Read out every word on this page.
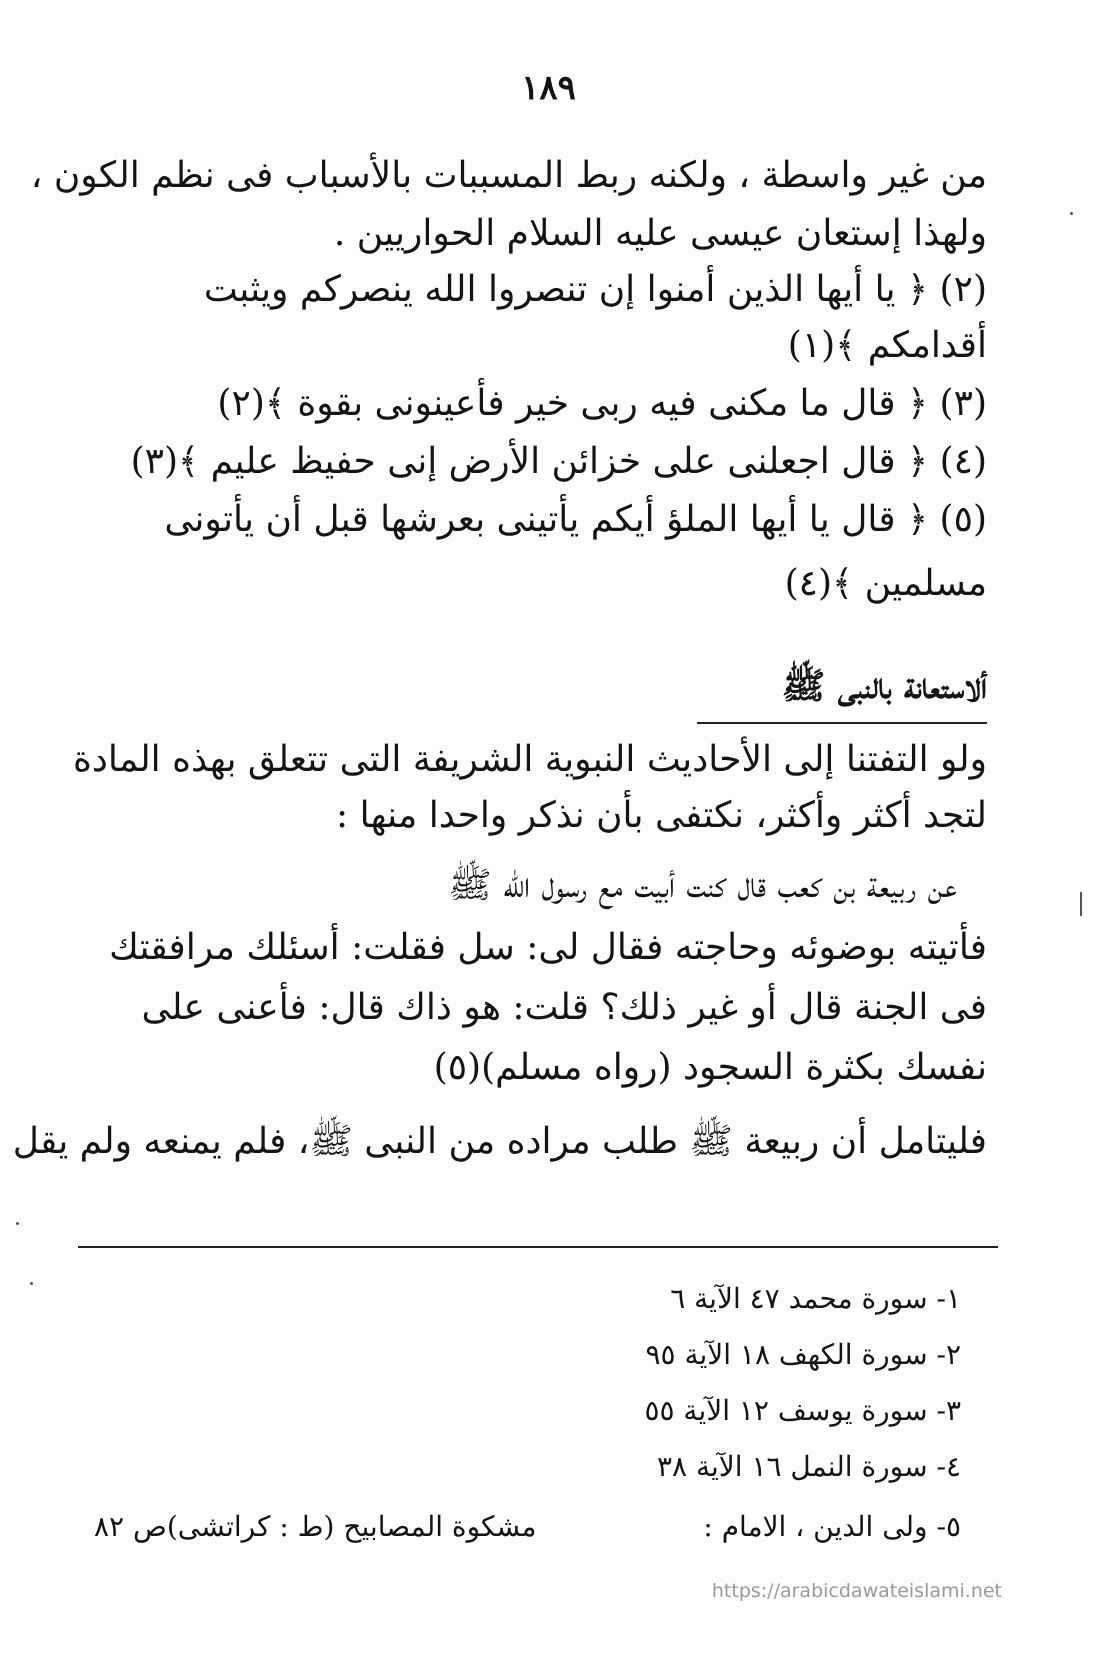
١٨٩
من غير واسطة ، ولكنه ربط المسببات بالأسباب فى نظم الكون ،
ولهذا إستعان عيسى عليه السلام الحواريين .
(٢) ﴿ يا أيها الذين أمنوا إن تنصروا الله ينصركم ويثبت
أقدامكم ﴾(١)
(٣) ﴿ قال ما مكنى فيه ربى خير فأعينونى بقوة ﴾(٢)
(٤) ﴿ قال اجعلنى على خزائن الأرض إنى حفيظ عليم ﴾(٣)
(٥) ﴿ قال يا أيها الملؤ أيكم يأتينى بعرشها قبل أن يأتونى
مسلمين ﴾(٤)
ألاستعانة بالنبى ﷺ
ولو التفتنا إلى الأحاديث النبوية الشريفة التى تتعلق بهذه المادة
لتجد أكثر وأكثر، نكتفى بأن نذكر واحدا منها :
عن ربيعة بن كعب قال كنت أبيت مع رسول الله ﷺ
فأتيته بوضوئه وحاجته فقال لى: سل فقلت: أسئلك مرافقتك
فى الجنة قال أو غير ذلك؟ قلت: هو ذاك قال: فأعنى على
نفسك بكثرة السجود (رواه مسلم)(٥)
فليتامل أن ربيعة ﷺ طلب مراده من النبى ﷺ، فلم يمنعه ولم يقل
١- سورة محمد ٤٧ الآية ٦
٢- سورة الكهف ١٨ الآية ٩٥
٣- سورة يوسف ١٢ الآية ٥٥
٤- سورة النمل ١٦ الآية ٣٨
٥- ولى الدين ، الامام :
مشكوة المصابيح (ط : كراتشى)ص ٨٢
https://arabicdawateislami.net
